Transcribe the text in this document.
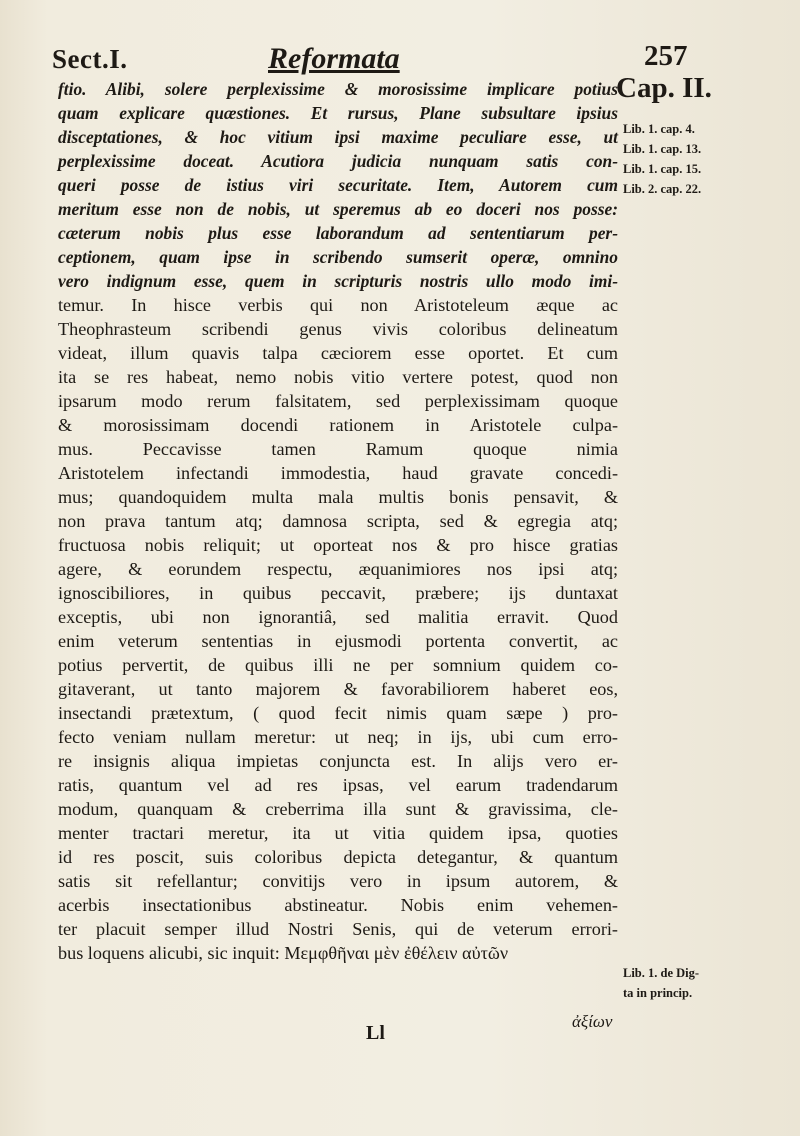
Sect.I.	Reformata	257
Cap. II.
ftio. Alibi, solere perplexissime & morosissime implicare potius
quam explicare quæstiones. Et rursus, Plane subsultare ipsius
disceptationes, & hoc vitium ipsi maxime peculiare esse, ut
perplexissime doceat. Acutiora judicia nunquam satis con-
queri posse de istius viri securitate. Item, Autorem cum
meritum esse non de nobis, ut speremus ab eo doceri nos posse:
cæterum nobis plus esse laborandum ad sententiarum per-
ceptionem, quam ipse in scribendo sumserit operæ, omnino
vero indignum esse, quem in scripturis nostris ullo modo imi-
temur. In hisce verbis qui non Aristoteleum æque ac
Theophrasteum scribendi genus vivis coloribus delineatum
videat, illum quavis talpa cæciorem esse oportet. Et cum
ita se res habeat, nemo nobis vitio vertere potest, quod non
ipsarum modo rerum falsitatem, sed perplexissimam quoque
& morosissimam docendi rationem in Aristotele culpa-
mus. Peccavisse tamen Ramum quoque nimia
Aristotelem infectandi immodestia, haud gravate concedi-
mus; quandoquidem multa mala multis bonis pensavit, &
non prava tantum atq; damnosa scripta, sed & egregia atq;
fructuosa nobis reliquit; ut oporteat nos & pro hisce gratias
agere, & eorundem respectu, æquanimiores nos ipsi atq;
ignoscibiliores, in quibus peccavit, præbere; ijs duntaxat
exceptis, ubi non ignorantiâ, sed malitia erravit. Quod
enim veterum sententias in ejusmodi portenta convertit, ac
potius pervertit, de quibus illi ne per somnium quidem co-
gitaverant, ut tanto majorem & favorabiliorem haberet eos,
insectandi prætextum, ( quod fecit nimis quam sæpe ) pro-
fecto veniam nullam meretur: ut neq; in ijs, ubi cum erro-
re insignis aliqua impietas conjuncta est. In alijs vero er-
ratis, quantum vel ad res ipsas, vel earum tradendarum
modum, quanquam & creberrima illa sunt & gravissima, cle-
menter tractari meretur, ita ut vitia quidem ipsa, quoties
id res poscit, suis coloribus depicta detegantur, & quantum
satis sit refellantur; convitijs vero in ipsum autorem, &
acerbis insectationibus abstineatur. Nobis enim vehemen-
ter placuit semper illud Nostri Senis, qui de veterum errori-
bus loquens alicubi, sic inquit: Μεμφθῆναι μὲν ἐθέλειν αὐτῶν
Lib. 1. cap. 4.
Lib. 1. cap. 13.
Lib. 1. cap. 15.
Lib. 2. cap. 22.
Lib. 1. de Dig-
ta in princip.
Ll
ἀξίων
